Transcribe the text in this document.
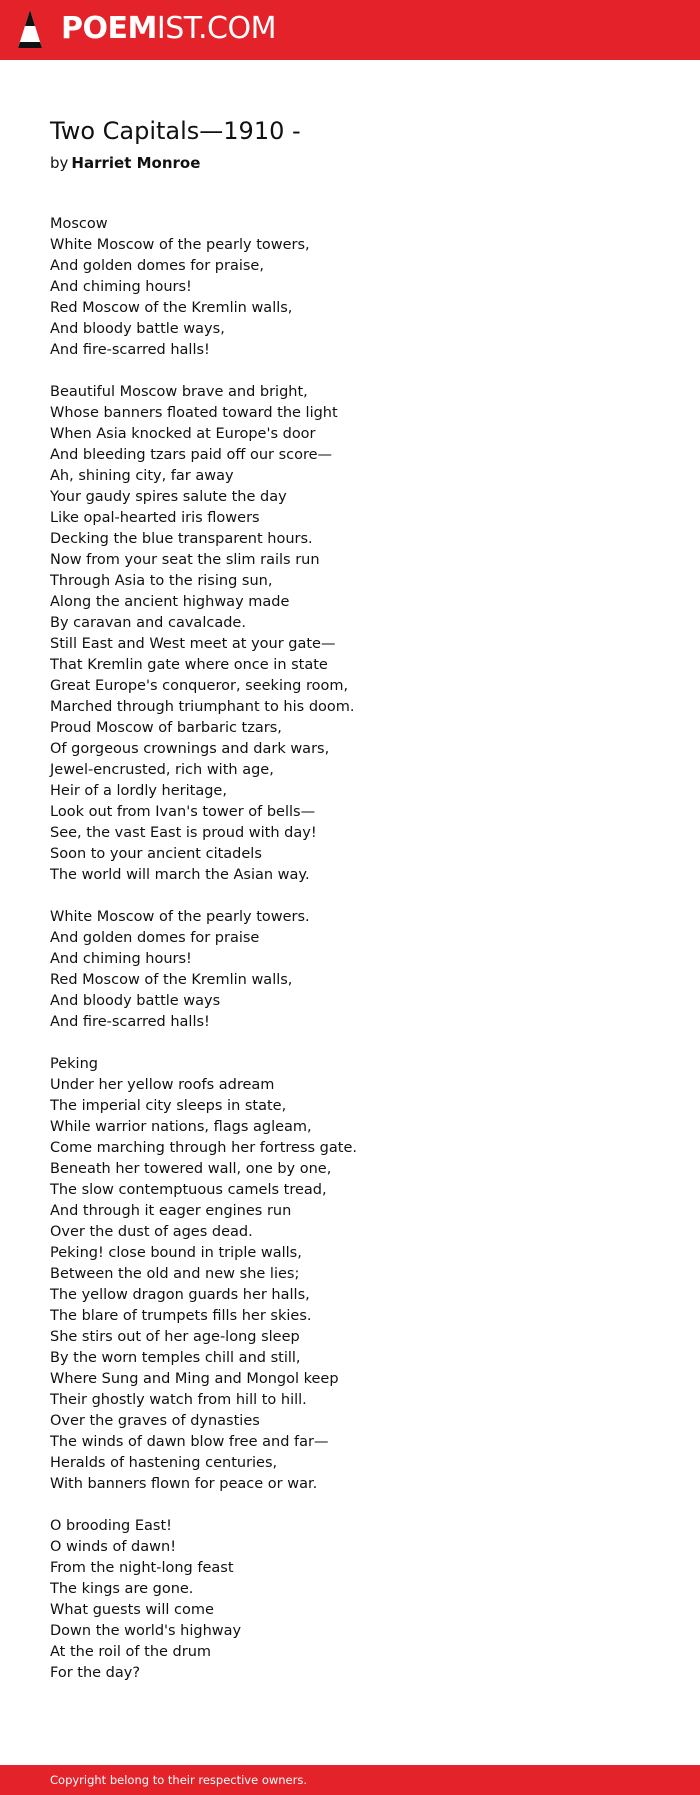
POEMIST.COM
Two Capitals—1910 -
by Harriet Monroe
Moscow
White Moscow of the pearly towers,
And golden domes for praise,
And chiming hours!
Red Moscow of the Kremlin walls,
And bloody battle ways,
And fire-scarred halls!
Beautiful Moscow brave and bright,
Whose banners floated toward the light
When Asia knocked at Europe's door
And bleeding tzars paid off our score—
Ah, shining city, far away
Your gaudy spires salute the day
Like opal-hearted iris flowers
Decking the blue transparent hours.
Now from your seat the slim rails run
Through Asia to the rising sun,
Along the ancient highway made
By caravan and cavalcade.
Still East and West meet at your gate—
That Kremlin gate where once in state
Great Europe's conqueror, seeking room,
Marched through triumphant to his doom.
Proud Moscow of barbaric tzars,
Of gorgeous crownings and dark wars,
Jewel-encrusted, rich with age,
Heir of a lordly heritage,
Look out from Ivan's tower of bells—
See, the vast East is proud with day!
Soon to your ancient citadels
The world will march the Asian way.
White Moscow of the pearly towers.
And golden domes for praise
And chiming hours!
Red Moscow of the Kremlin walls,
And bloody battle ways
And fire-scarred halls!
Peking
Under her yellow roofs adream
The imperial city sleeps in state,
While warrior nations, flags agleam,
Come marching through her fortress gate.
Beneath her towered wall, one by one,
The slow contemptuous camels tread,
And through it eager engines run
Over the dust of ages dead.
Peking! close bound in triple walls,
Between the old and new she lies;
The yellow dragon guards her halls,
The blare of trumpets fills her skies.
She stirs out of her age-long sleep
By the worn temples chill and still,
Where Sung and Ming and Mongol keep
Their ghostly watch from hill to hill.
Over the graves of dynasties
The winds of dawn blow free and far—
Heralds of hastening centuries,
With banners flown for peace or war.
O brooding East!
O winds of dawn!
From the night-long feast
The kings are gone.
What guests will come
Down the world's highway
At the roil of the drum
For the day?
Copyright belong to their respective owners.
